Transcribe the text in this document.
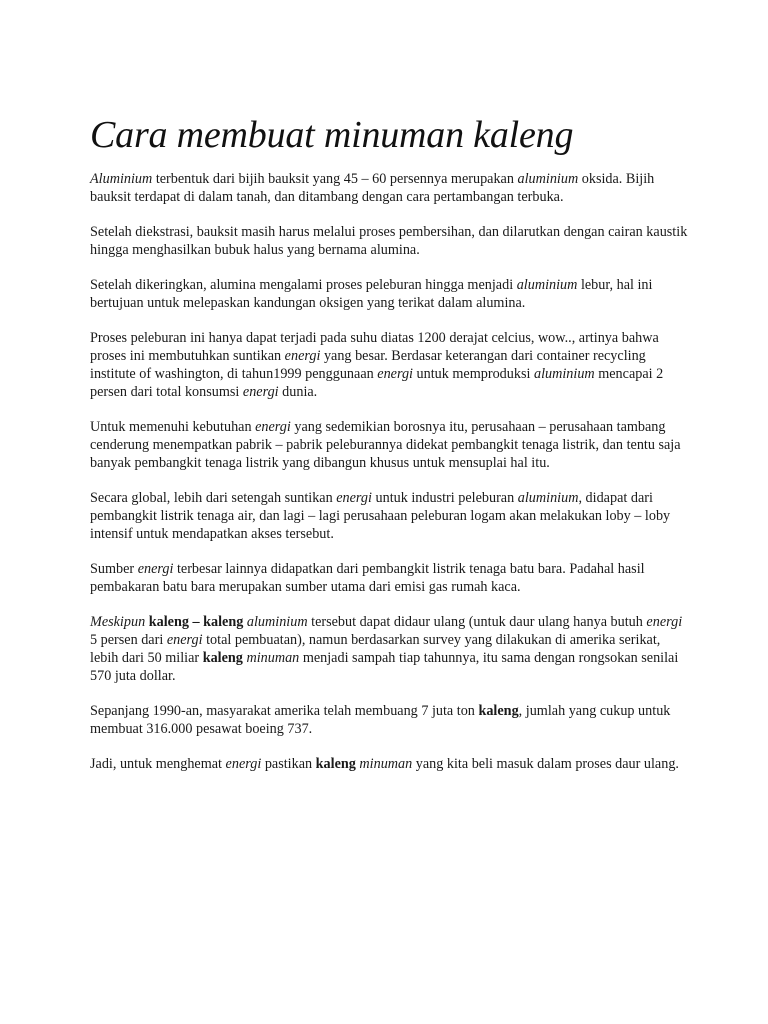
Cara membuat minuman kaleng

Aluminium terbentuk dari bijih bauksit yang 45 – 60 persennya merupakan aluminium oksida. Bijih bauksit terdapat di dalam tanah, dan ditambang dengan cara pertambangan terbuka.

Setelah diekstrasi, bauksit masih harus melalui proses pembersihan, dan dilarutkan dengan cairan kaustik hingga menghasilkan bubuk halus yang bernama alumina.

Setelah dikeringkan, alumina mengalami proses peleburan hingga menjadi aluminium lebur, hal ini bertujuan untuk melepaskan kandungan oksigen yang terikat dalam alumina.

Proses peleburan ini hanya dapat terjadi pada suhu diatas 1200 derajat celcius, wow.., artinya bahwa proses ini membutuhkan suntikan energi yang besar. Berdasar keterangan dari container recycling institute of washington, di tahun1999 penggunaan energi untuk memproduksi aluminium mencapai 2 persen dari total konsumsi energi dunia.

Untuk memenuhi kebutuhan energi yang sedemikian borosnya itu, perusahaan – perusahaan tambang cenderung menempatkan pabrik – pabrik peleburannya didekat pembangkit tenaga listrik, dan tentu saja banyak pembangkit tenaga listrik yang dibangun khusus untuk mensuplai hal itu.

Secara global, lebih dari setengah suntikan energi untuk industri peleburan aluminium, didapat dari pembangkit listrik tenaga air, dan lagi – lagi perusahaan peleburan logam akan melakukan loby – loby intensif untuk mendapatkan akses tersebut.

Sumber energi terbesar lainnya didapatkan dari pembangkit listrik tenaga batu bara. Padahal hasil pembakaran batu bara merupakan sumber utama dari emisi gas rumah kaca.

Meskipun kaleng – kaleng aluminium tersebut dapat didaur ulang (untuk daur ulang hanya butuh energi 5 persen dari energi total pembuatan), namun berdasarkan survey yang dilakukan di amerika serikat, lebih dari 50 miliar kaleng minuman menjadi sampah tiap tahunnya, itu sama dengan rongsokan senilai 570 juta dollar.

Sepanjang 1990-an, masyarakat amerika telah membuang 7 juta ton kaleng, jumlah yang cukup untuk membuat 316.000 pesawat boeing 737.

Jadi, untuk menghemat energi pastikan kaleng minuman yang kita beli masuk dalam proses daur ulang.
